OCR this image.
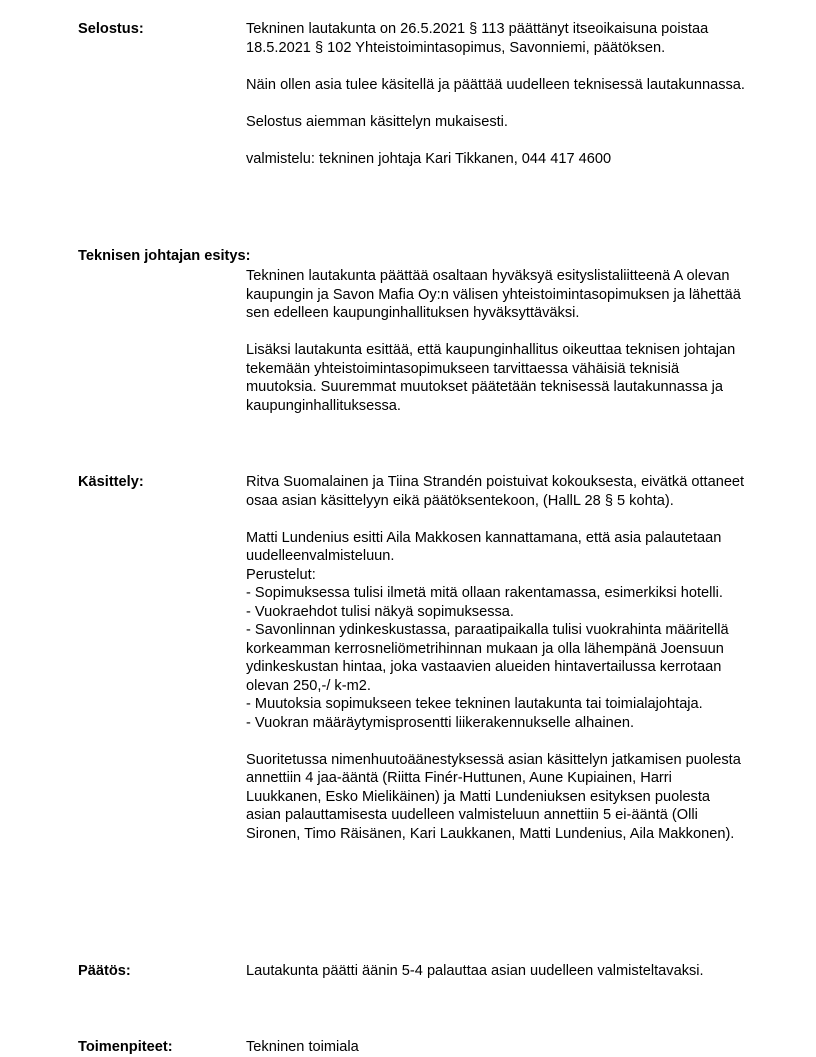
Selostus:	Tekninen lautakunta on 26.5.2021 § 113 päättänyt itseoikaisuna poistaa 18.5.2021 § 102 Yhteistoimintasopimus, Savonniemi, päätöksen.

Näin ollen asia tulee käsitellä ja päättää uudelleen teknisessä lautakunnassa.

Selostus aiemman käsittelyn mukaisesti.

valmistelu: tekninen johtaja Kari Tikkanen, 044 417 4600

Teknisen johtajan esitys:

Tekninen lautakunta päättää osaltaan hyväksyä esityslistaliitteenä A olevan kaupungin ja Savon Mafia Oy:n välisen yhteistoimintasopimuksen ja lähettää sen edelleen kaupunginhallituksen hyväksyttäväksi.

Lisäksi lautakunta esittää, että kaupunginhallitus oikeuttaa teknisen johtajan tekemään yhteistoimintasopimukseen tarvittaessa vähäisiä teknisiä muutoksia. Suuremmat muutokset päätetään teknisessä lautakunnassa ja kaupunginhallituksessa.

Käsittely:	Ritva Suomalainen ja Tiina Strandén poistuivat kokouksesta, eivätkä ottaneet osaa asian käsittelyyn eikä päätöksentekoon, (HallL 28 § 5 kohta).

Matti Lundenius esitti Aila Makkosen kannattamana, että asia palautetaan uudelleenvalmisteluun.

Perustelut:

- Sopimuksessa tulisi ilmetä mitä ollaan rakentamassa, esimerkiksi hotelli.

- Vuokraehdot tulisi näkyä sopimuksessa.

- Savonlinnan ydinkeskustassa, paraatipaikalla tulisi vuokrahinta määritellä korkeamman kerrosneliömetrihinnan mukaan ja olla lähempänä Joensuun ydinkeskustan hintaa, joka vastaavien alueiden hintavertailussa kerrotaan olevan 250,-/ k-m2.

- Muutoksia sopimukseen tekee tekninen lautakunta tai toimialajohtaja.

- Vuokran määräytymisprosentti liikerakennukselle alhainen.

Suoritetussa nimenhuutoäänestyksessä asian käsittelyn jatkamisen puolesta annettiin 4 jaa-ääntä (Riitta Finér-Huttunen, Aune Kupiainen, Harri Luukkanen, Esko Mielikäinen) ja Matti Lundeniuksen esityksen puolesta asian palauttamisesta uudelleen valmisteluun annettiin 5 ei-ääntä (Olli Sironen, Timo Räisänen, Kari Laukkanen, Matti Lundenius, Aila Makkonen).

Päätös:	Lautakunta päätti äänin 5-4 palauttaa asian uudelleen valmisteltavaksi.

Toimenpiteet:	Tekninen toimiala
